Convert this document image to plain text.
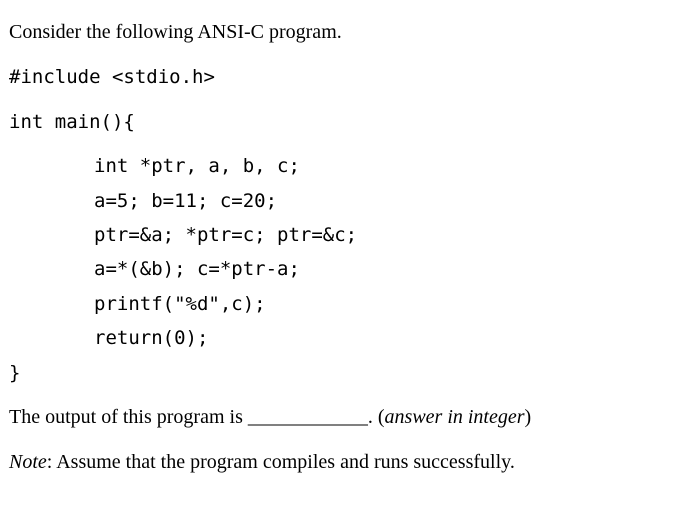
Consider the following ANSI-C program.
#include <stdio.h>
int main(){
int *ptr, a, b, c;
a=5; b=11; c=20;
ptr=&a; *ptr=c; ptr=&c;
a=*(&b); c=*ptr-a;
printf("%d",c);
return(0);
}
The output of this program is ____________. (answer in integer)
Note: Assume that the program compiles and runs successfully.
